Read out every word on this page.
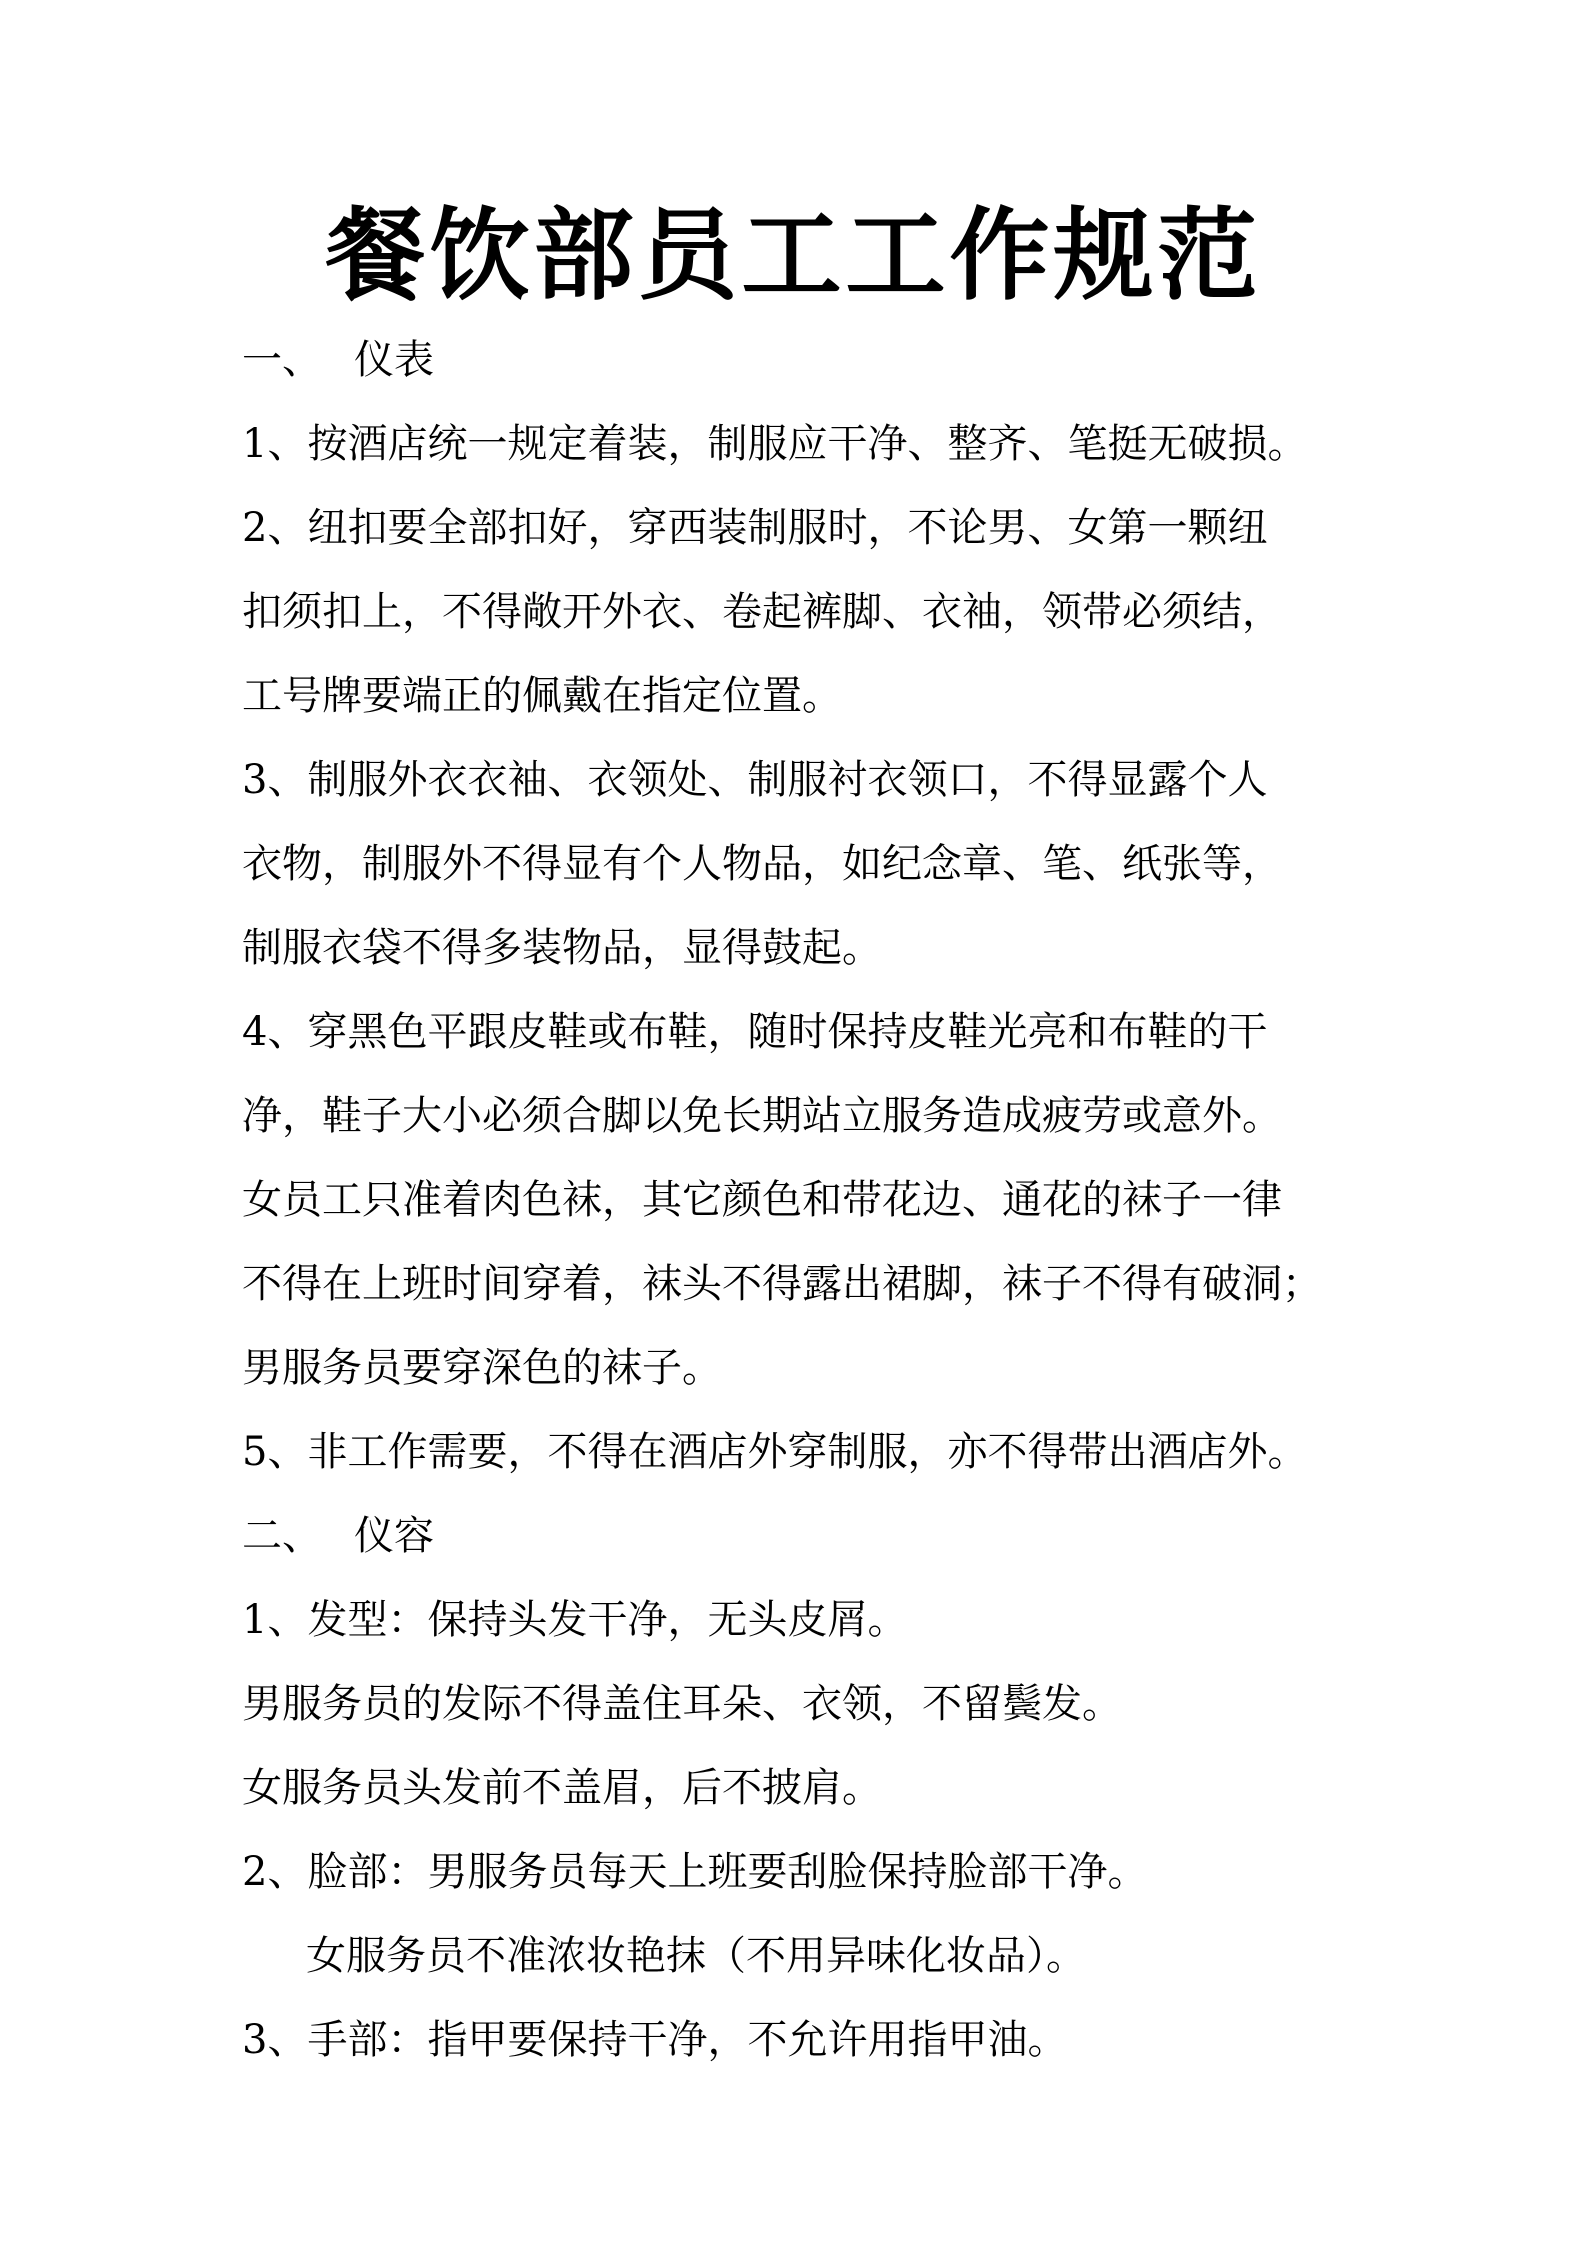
餐饮部员工工作规范
一、 仪表
1、按酒店统一规定着装，制服应干净、整齐、笔挺无破损。
2、纽扣要全部扣好，穿西装制服时，不论男、女第一颗纽
扣须扣上，不得敞开外衣、卷起裤脚、衣袖，领带必须结，
工号牌要端正的佩戴在指定位置。
3、制服外衣衣袖、衣领处、制服衬衣领口，不得显露个人
衣物，制服外不得显有个人物品，如纪念章、笔、纸张等，
制服衣袋不得多装物品，显得鼓起。
4、穿黑色平跟皮鞋或布鞋，随时保持皮鞋光亮和布鞋的干
净，鞋子大小必须合脚以免长期站立服务造成疲劳或意外。
女员工只准着肉色袜，其它颜色和带花边、通花的袜子一律
不得在上班时间穿着，袜头不得露出裙脚，袜子不得有破洞；
男服务员要穿深色的袜子。
5、非工作需要，不得在酒店外穿制服，亦不得带出酒店外。
二、 仪容
1、发型：保持头发干净，无头皮屑。
男服务员的发际不得盖住耳朵、衣领，不留鬓发。
女服务员头发前不盖眉，后不披肩。
2、脸部：男服务员每天上班要刮脸保持脸部干净。
女服务员不准浓妆艳抹（不用异味化妆品）。
3、手部：指甲要保持干净，不允许用指甲油。
